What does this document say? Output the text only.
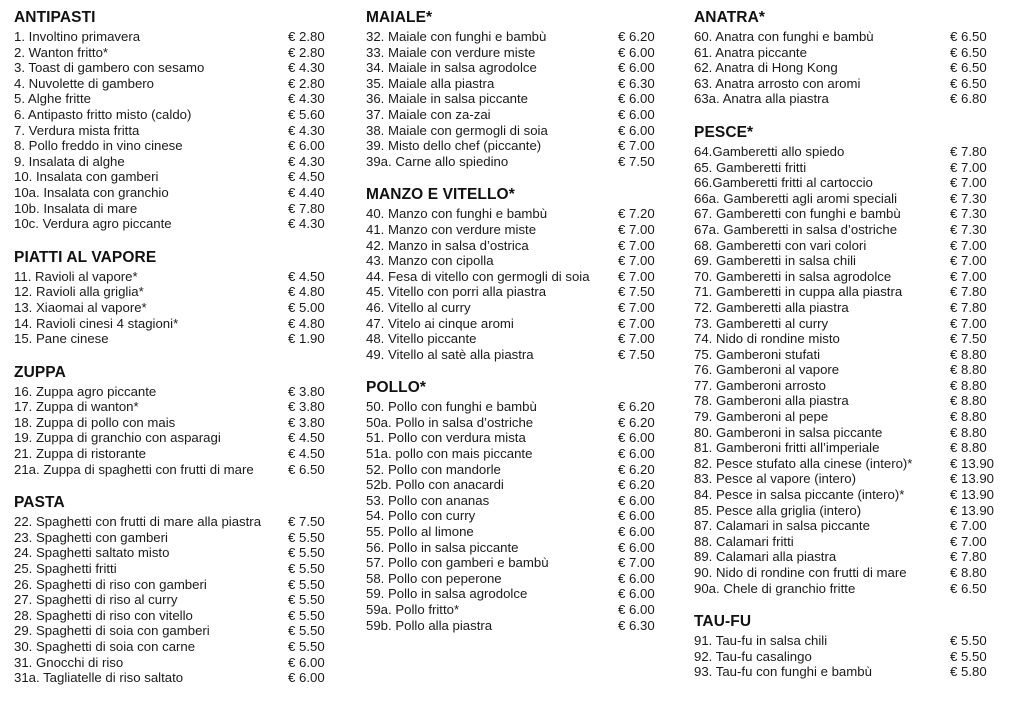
ANTIPASTI
1. Involtino primavera	€ 2.80
2. Wanton fritto*	€ 2.80
3. Toast di gambero con sesamo	€ 4.30
4. Nuvolette di gambero	€ 2.80
5. Alghe fritte	€ 4.30
6. Antipasto fritto misto (caldo)	€ 5.60
7. Verdura mista fritta	€ 4.30
8. Pollo freddo in vino cinese	€ 6.00
9. Insalata di alghe	€ 4.30
10. Insalata con gamberi	€ 4.50
10a. Insalata con granchio	€ 4.40
10b. Insalata di mare	€ 7.80
10c. Verdura agro piccante	€ 4.30
PIATTI AL VAPORE
11. Ravioli al vapore*	€ 4.50
12. Ravioli alla griglia*	€ 4.80
13. Xiaomai al vapore*	€ 5.00
14. Ravioli cinesi 4 stagioni*	€ 4.80
15. Pane cinese	€ 1.90
ZUPPA
16. Zuppa agro piccante	€ 3.80
17. Zuppa di wanton*	€ 3.80
18. Zuppa di pollo con mais	€ 3.80
19. Zuppa di granchio con asparagi	€ 4.50
21. Zuppa di ristorante	€ 4.50
21a. Zuppa di spaghetti con frutti di mare	€ 6.50
PASTA
22. Spaghetti con frutti di mare alla piastra	€ 7.50
23. Spaghetti con gamberi	€ 5.50
24. Spaghetti saltato misto	€ 5.50
25. Spaghetti fritti	€ 5.50
26. Spaghetti di riso con gamberi	€ 5.50
27. Spaghetti di riso al curry	€ 5.50
28. Spaghetti di riso con vitello	€ 5.50
29. Spaghetti di soia con gamberi	€ 5.50
30. Spaghetti di soia con carne	€ 5.50
31. Gnocchi di riso	€ 6.00
31a. Tagliatelle di riso saltato	€ 6.00
MAIALE*
32. Maiale con funghi e bambù	€ 6.20
33. Maiale con verdure miste	€ 6.00
34. Maiale in salsa agrodolce	€ 6.00
35. Maiale alla piastra	€ 6.30
36. Maiale in salsa piccante	€ 6.00
37. Maiale con za-zai	€ 6.00
38. Maiale con germogli di soia	€ 6.00
39. Misto dello chef (piccante)	€ 7.00
39a. Carne allo spiedino	€ 7.50
MANZO E VITELLO*
40. Manzo con funghi e bambù	€ 7.20
41. Manzo con verdure miste	€ 7.00
42. Manzo in salsa d’ostrica	€ 7.00
43. Manzo con cipolla	€ 7.00
44. Fesa di vitello con germogli di soia	€ 7.00
45. Vitello con porri alla piastra	€ 7.50
46. Vitello al curry	€ 7.00
47. Vitelo ai cinque aromi	€ 7.00
48. Vitello piccante	€ 7.00
49. Vitello al satè alla piastra	€ 7.50
POLLO*
50. Pollo con funghi e bambù	€ 6.20
50a. Pollo in salsa d’ostriche	€ 6.20
51. Pollo con verdura mista	€ 6.00
51a. pollo con mais piccante	€ 6.00
52. Pollo con mandorle	€ 6.20
52b. Pollo con anacardi	€ 6.20
53. Pollo con ananas	€ 6.00
54. Pollo con curry	€ 6.00
55. Pollo al limone	€ 6.00
56. Pollo in salsa piccante	€ 6.00
57. Pollo con gamberi e bambù	€ 7.00
58. Pollo con peperone	€ 6.00
59. Pollo in salsa agrodolce	€ 6.00
59a. Pollo fritto*	€ 6.00
59b. Pollo alla piastra	€ 6.30
ANATRA*
60. Anatra con funghi e bambù	€ 6.50
61. Anatra piccante	€ 6.50
62. Anatra di Hong Kong	€ 6.50
63. Anatra arrosto con aromi	€ 6.50
63a. Anatra alla piastra	€ 6.80
PESCE*
64.Gamberetti allo spiedo	€ 7.80
65. Gamberetti fritti	€ 7.00
66.Gamberetti fritti al cartoccio	€ 7.00
66a. Gamberetti agli aromi speciali	€ 7.30
67. Gamberetti con funghi e bambù	€ 7.30
67a. Gamberetti in salsa d’ostriche	€ 7.30
68. Gamberetti con vari colori	€ 7.00
69. Gamberetti in salsa chili	€ 7.00
70. Gamberetti in salsa agrodolce	€ 7.00
71. Gamberetti in cuppa alla piastra	€ 7.80
72. Gamberetti alla piastra	€ 7.80
73. Gamberetti al curry	€ 7.00
74. Nido di rondine misto	€ 7.50
75. Gamberoni stufati	€ 8.80
76. Gamberoni al vapore	€ 8.80
77. Gamberoni arrosto	€ 8.80
78. Gamberoni alla piastra	€ 8.80
79. Gamberoni al pepe	€ 8.80
80. Gamberoni in salsa piccante	€ 8.80
81. Gamberoni fritti all’imperiale	€ 8.80
82. Pesce stufato alla cinese (intero)*	€ 13.90
83. Pesce al vapore (intero)	€ 13.90
84. Pesce in salsa piccante (intero)*	€ 13.90
85. Pesce alla griglia (intero)	€ 13.90
87. Calamari in salsa piccante	€ 7.00
88. Calamari fritti	€ 7.00
89. Calamari alla piastra	€ 7.80
90. Nido di rondine con frutti di mare	€ 8.80
90a. Chele di granchio fritte	€ 6.50
TAU-FU
91. Tau-fu in salsa chili	€ 5.50
92. Tau-fu casalingo	€ 5.50
93. Tau-fu con funghi e bambù	€ 5.80
